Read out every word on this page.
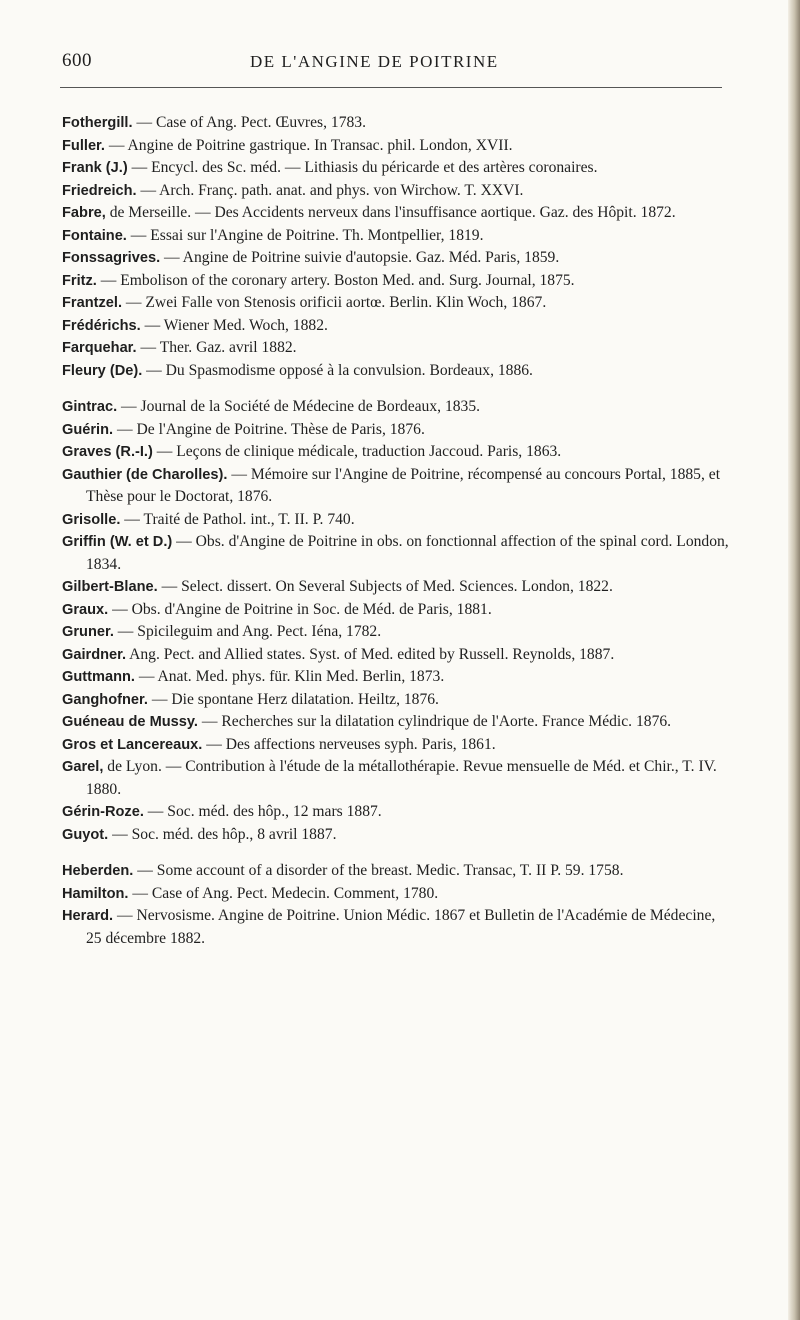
600	DE L'ANGINE DE POITRINE
Fothergill. — Case of Ang. Pect. Œuvres, 1783.
Fuller. — Angine de Poitrine gastrique. In Transac. phil. London, XVII.
Frank (J.) — Encycl. des Sc. méd. — Lithiasis du péricarde et des artères coronaires.
Friedreich. — Arch. Franç. path. anat. and phys. von Wirchow. T. XXVI.
Fabre, de Merseille. — Des Accidents nerveux dans l'insuffisance aortique. Gaz. des Hôpit. 1872.
Fontaine. — Essai sur l'Angine de Poitrine. Th. Montpellier, 1819.
Fonssagrives. — Angine de Poitrine suivie d'autopsie. Gaz. Méd. Paris, 1859.
Fritz. — Embolison of the coronary artery. Boston Med. and. Surg. Journal, 1875.
Frantzel. — Zwei Falle von Stenosis orificii aortœ. Berlin. Klin Woch, 1867.
Frédérichs. — Wiener Med. Woch, 1882.
Farquehar. — Ther. Gaz. avril 1882.
Fleury (De). — Du Spasmodisme opposé à la convulsion. Bordeaux, 1886.
Gintrac. — Journal de la Société de Médecine de Bordeaux, 1835.
Guérin. — De l'Angine de Poitrine. Thèse de Paris, 1876.
Graves (R.-I.) — Leçons de clinique médicale, traduction Jaccoud. Paris, 1863.
Gauthier (de Charolles). — Mémoire sur l'Angine de Poitrine, récompensé au concours Portal, 1885, et Thèse pour le Doctorat, 1876.
Grisolle. — Traité de Pathol. int., T. II. P. 740.
Griffin (W. et D.) — Obs. d'Angine de Poitrine in obs. on fonctionnal affection of the spinal cord. London, 1834.
Gilbert-Blane. — Select. dissert. On Several Subjects of Med. Sciences. London, 1822.
Graux. — Obs. d'Angine de Poitrine in Soc. de Méd. de Paris, 1881.
Gruner. — Spicileguim and Ang. Pect. Iéna, 1782.
Gairdner. Ang. Pect. and Allied states. Syst. of Med. edited by Russell. Reynolds, 1887.
Guttmann. — Anat. Med. phys. für. Klin Med. Berlin, 1873.
Ganghofner. — Die spontane Herz dilatation. Heiltz, 1876.
Guéneau de Mussy. — Recherches sur la dilatation cylindrique de l'Aorte. France Médic. 1876.
Gros et Lancereaux. — Des affections nerveuses syph. Paris, 1861.
Garel, de Lyon. — Contribution à l'étude de la métallothérapie. Revue mensuelle de Méd. et Chir., T. IV. 1880.
Gérin-Roze. — Soc. méd. des hôp., 12 mars 1887.
Guyot. — Soc. méd. des hôp., 8 avril 1887.
Heberden. — Some account of a disorder of the breast. Medic. Transac, T. II P. 59. 1758.
Hamilton. — Case of Ang. Pect. Medecin. Comment, 1780.
Herard. — Nervosisme. Angine de Poitrine. Union Médic. 1867 et Bulletin de l'Académie de Médecine, 25 décembre 1882.
